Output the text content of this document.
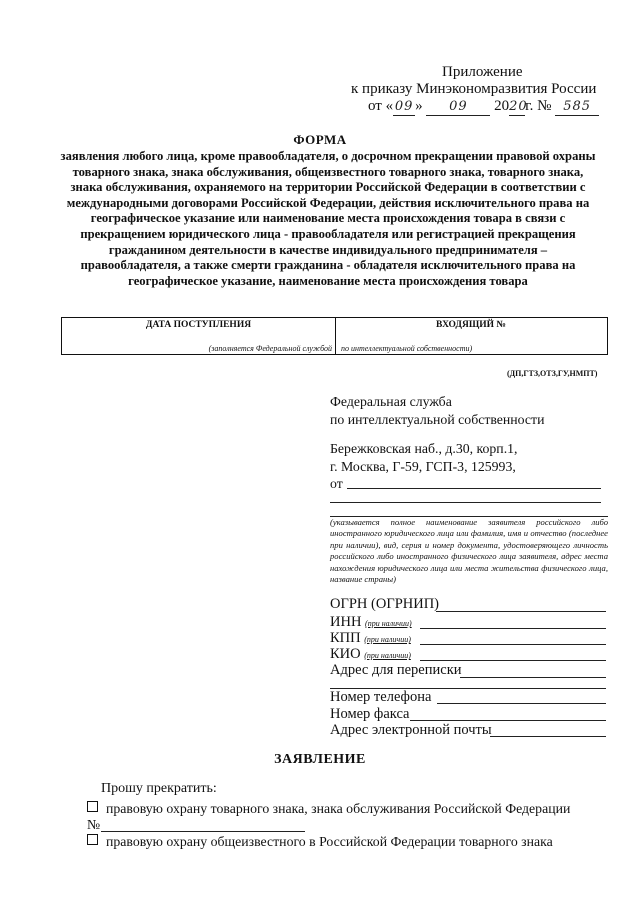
Приложение
к приказу Минэкономразвития России
от « 09 » 09 2020г. № 585
ФОРМА
заявления любого лица, кроме правообладателя, о досрочном прекращении правовой охраны товарного знака, знака обслуживания, общеизвестного товарного знака, товарного знака, знака обслуживания, охраняемого на территории Российской Федерации в соответствии с международными договорами Российской Федерации, действия исключительного права на географическое указание или наименование места происхождения товара в связи с прекращением юридического лица - правообладателя или регистрацией прекращения гражданином деятельности в качестве индивидуального предпринимателя – правообладателя, а также смерти гражданина - обладателя исключительного права на географическое указание, наименование места происхождения товара
ДАТА ПОСТУПЛЕНИЯ
(заполняется Федеральной службой
ВХОДЯЩИЙ №
по интеллектуальной собственности)
(ДП,ГТЗ,ОТЗ,ГУ,НМПТ)
Федеральная служба
по интеллектуальной собственности
Бережковская наб., д.30, корп.1,
г. Москва, Г-59, ГСП-3, 125993,
от
(указывается полное наименование заявителя российского либо иностранного юридического лица или фамилия, имя и отчество (последнее при наличии), вид, серия и номер документа, удостоверяющего личность российского либо иностранного физического лица заявителя, адрес места нахождения юридического лица или места жительства физического лица, название страны)
ОГРН (ОГРНИП)
ИНН (при наличии)
КПП (при наличии)
КИО (при наличии)
Адрес для переписки
Номер телефона
Номер факса
Адрес электронной почты
ЗАЯВЛЕНИЕ
Прошу прекратить:
правовую охрану товарного знака, знака обслуживания Российской Федерации
№
правовую охрану общеизвестного в Российской Федерации товарного знака
